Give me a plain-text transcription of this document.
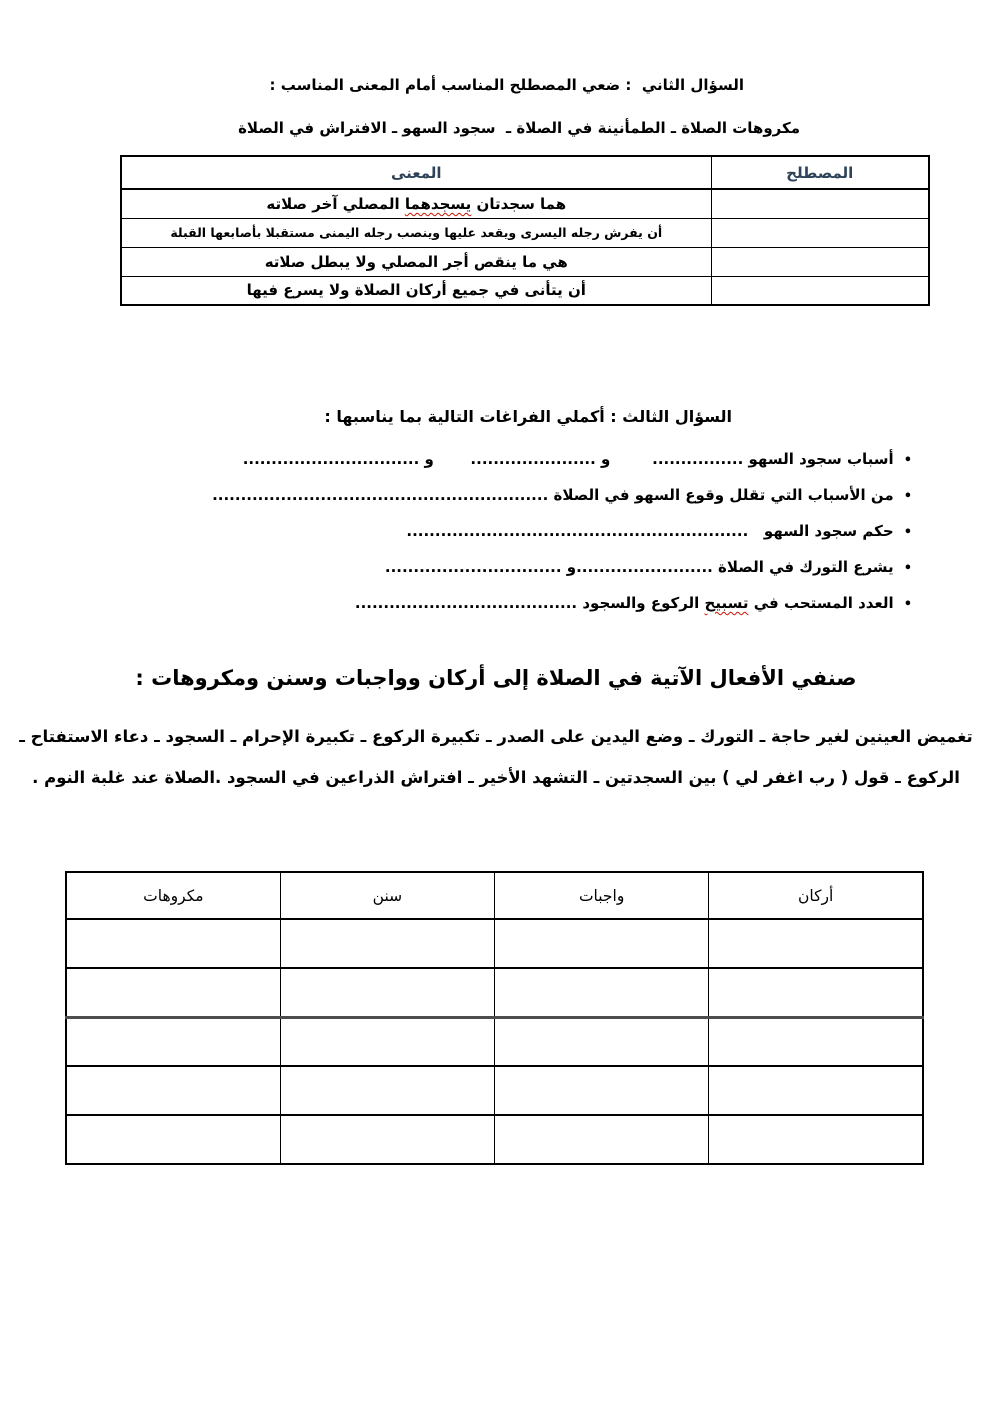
السؤال الثاني  : ضعي المصطلح المناسب أمام المعنى المناسب :
مكروهات الصلاة ـ الطمأنينة في الصلاة ـ  سجود السهو ـ الافتراش في الصلاة
المصطلح	المعنى
	هما سجدتان يسجدهما المصلي آخر صلاته
	أن يفرش رجله اليسرى ويقعد عليها وينصب رجله اليمنى مستقبلا بأصابعها القبلة
	هي ما ينقص أجر المصلي ولا يبطل صلاته
	أن يتأنى في جميع أركان الصلاة ولا يسرع فيها
السؤال الثالث : أكملي الفراغات التالية بما يناسبها :
•
أسباب سجود السهو ................        و ......................       و ...............................
•
من الأسباب التي تقلل وقوع السهو في الصلاة ...........................................................
•
حكم سجود السهو   ............................................................
•
يشرع التورك في الصلاة ........................و ...............................
•
العدد المستحب في تسبيح الركوع والسجود .......................................
صنفي الأفعال الآتية في الصلاة إلى أركان وواجبات وسنن ومكروهات :
تغميض العينين لغير حاجة ـ التورك ـ وضع اليدين على الصدر ـ تكبيرة الركوع ـ تكبيرة الإحرام ـ السجود ـ دعاء الاستفتاح ـ
الركوع ـ قول ( رب اغفر لي ) بين السجدتين ـ التشهد الأخير ـ افتراش الذراعين في السجود .الصلاة عند غلبة النوم .
أركان	واجبات	سنن	مكروهات
